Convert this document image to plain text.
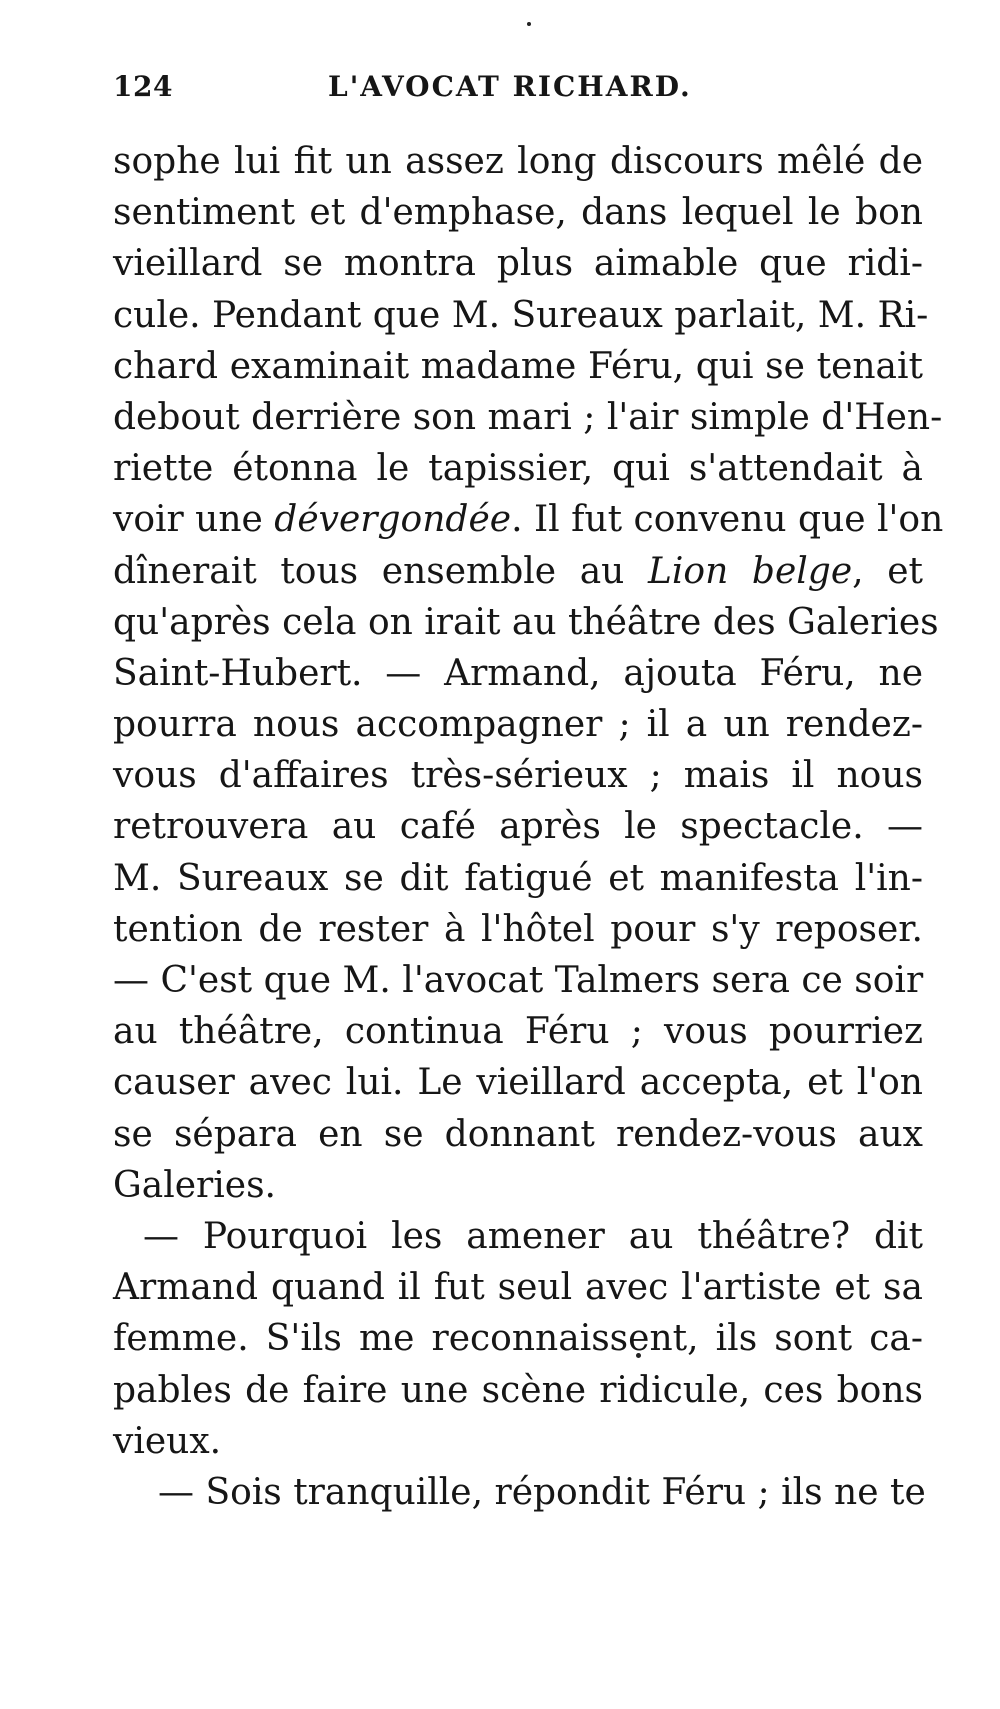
124	L'AVOCAT RICHARD.
sophe lui fit un assez long discours mêlé de
sentiment et d'emphase, dans lequel le bon
vieillard se montra plus aimable que ridi-
cule. Pendant que M. Sureaux parlait, M. Ri-
chard examinait madame Féru, qui se tenait
debout derrière son mari ; l'air simple d'Hen-
riette étonna le tapissier, qui s'attendait à
voir une dévergondée. Il fut convenu que l'on
dînerait tous ensemble au Lion belge, et
qu'après cela on irait au théâtre des Galeries
Saint-Hubert. — Armand, ajouta Féru, ne
pourra nous accompagner ; il a un rendez-
vous d'affaires très-sérieux ; mais il nous
retrouvera au café après le spectacle. —
M. Sureaux se dit fatigué et manifesta l'in-
tention de rester à l'hôtel pour s'y reposer.
— C'est que M. l'avocat Talmers sera ce soir
au théâtre, continua Féru ; vous pourriez
causer avec lui. Le vieillard accepta, et l'on
se sépara en se donnant rendez-vous aux
Galeries.
— Pourquoi les amener au théâtre? dit
Armand quand il fut seul avec l'artiste et sa
femme. S'ils me reconnaissent, ils sont ca-
pables de faire une scène ridicule, ces bons
vieux.
— Sois tranquille, répondit Féru ; ils ne te
